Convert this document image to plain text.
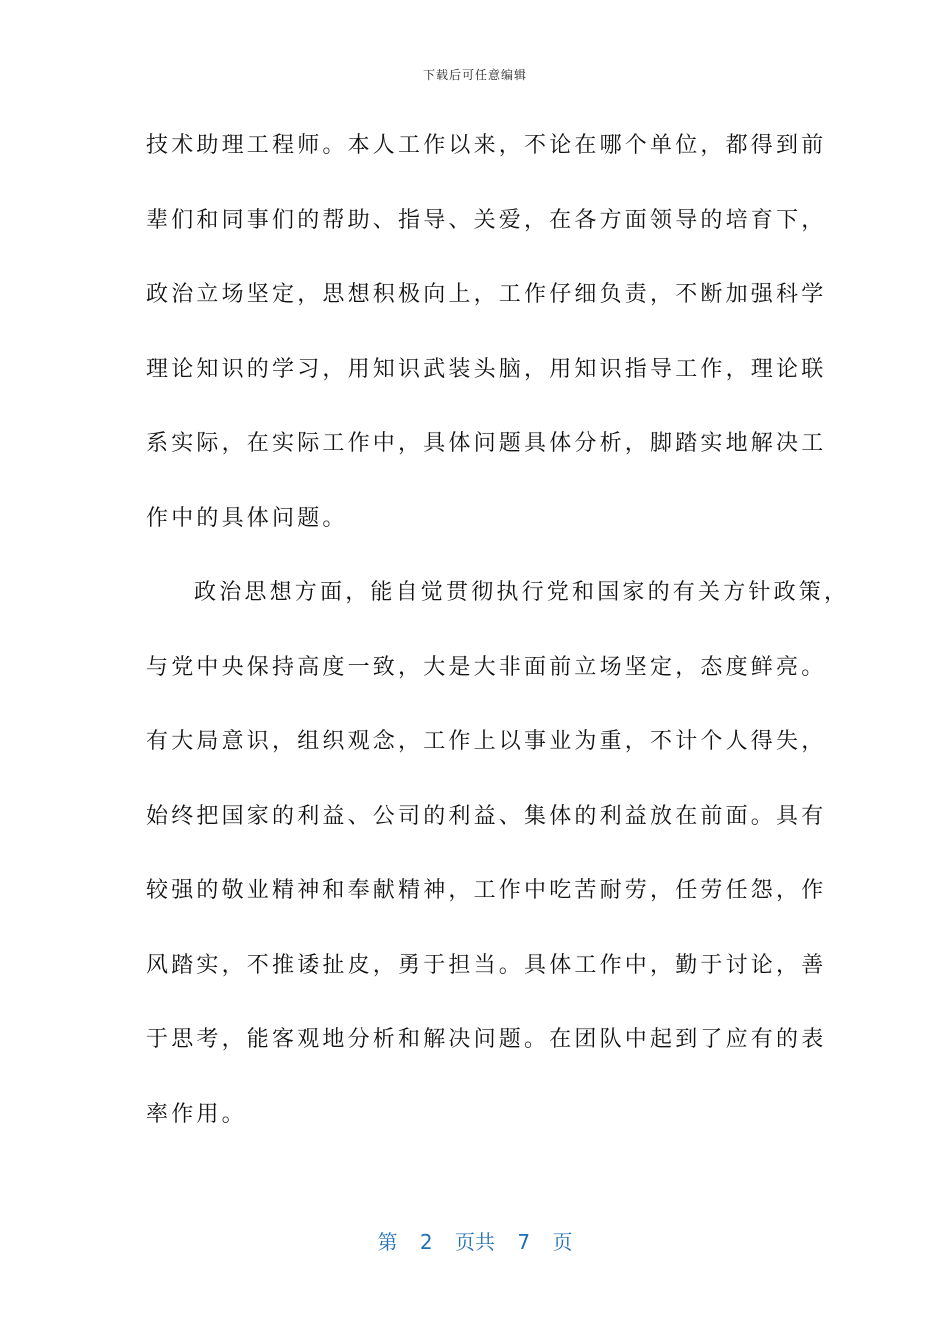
下载后可任意编辑
技术助理工程师。本人工作以来，不论在哪个单位，都得到前
辈们和同事们的帮助、指导、关爱，在各方面领导的培育下，
政治立场坚定，思想积极向上，工作仔细负责，不断加强科学
理论知识的学习，用知识武装头脑，用知识指导工作，理论联
系实际，在实际工作中，具体问题具体分析，脚踏实地解决工
作中的具体问题。
政治思想方面，能自觉贯彻执行党和国家的有关方针政策，
与党中央保持高度一致，大是大非面前立场坚定，态度鲜亮。
有大局意识，组织观念，工作上以事业为重，不计个人得失，
始终把国家的利益、公司的利益、集体的利益放在前面。具有
较强的敬业精神和奉献精神，工作中吃苦耐劳，任劳任怨，作
风踏实，不推诿扯皮，勇于担当。具体工作中，勤于讨论，善
于思考，能客观地分析和解决问题。在团队中起到了应有的表
率作用。
第 2 页共 7 页
